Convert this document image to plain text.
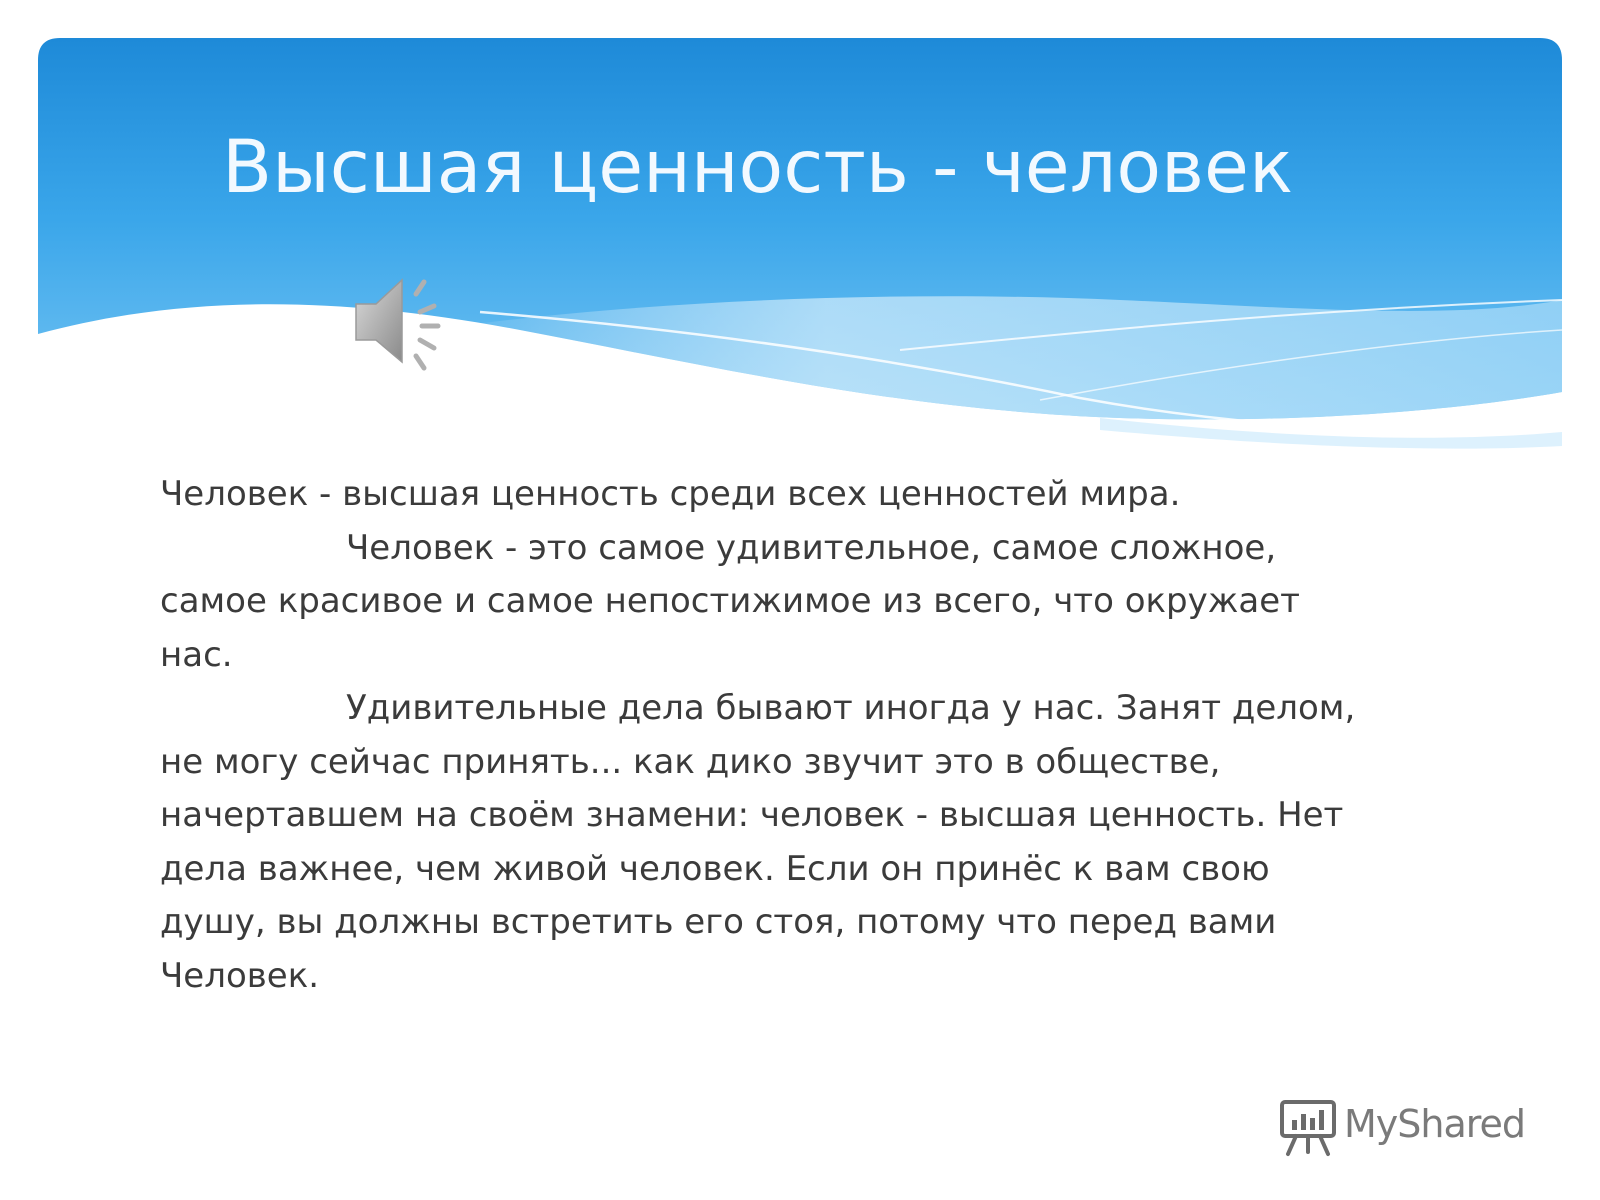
Высшая ценность - человек

Человек - высшая ценность среди всех ценностей мира.

Человек - это самое удивительное, самое сложное, самое красивое и самое непостижимое из всего, что окружает нас.

Удивительные дела бывают иногда у нас. Занят делом, не могу сейчас принять... как дико звучит это в обществе, начертавшем на своём знамени: человек - высшая ценность. Нет дела важнее, чем живой человек. Если он принёс к вам свою душу, вы должны встретить его стоя, потому что перед вами Человек.

MyShared
